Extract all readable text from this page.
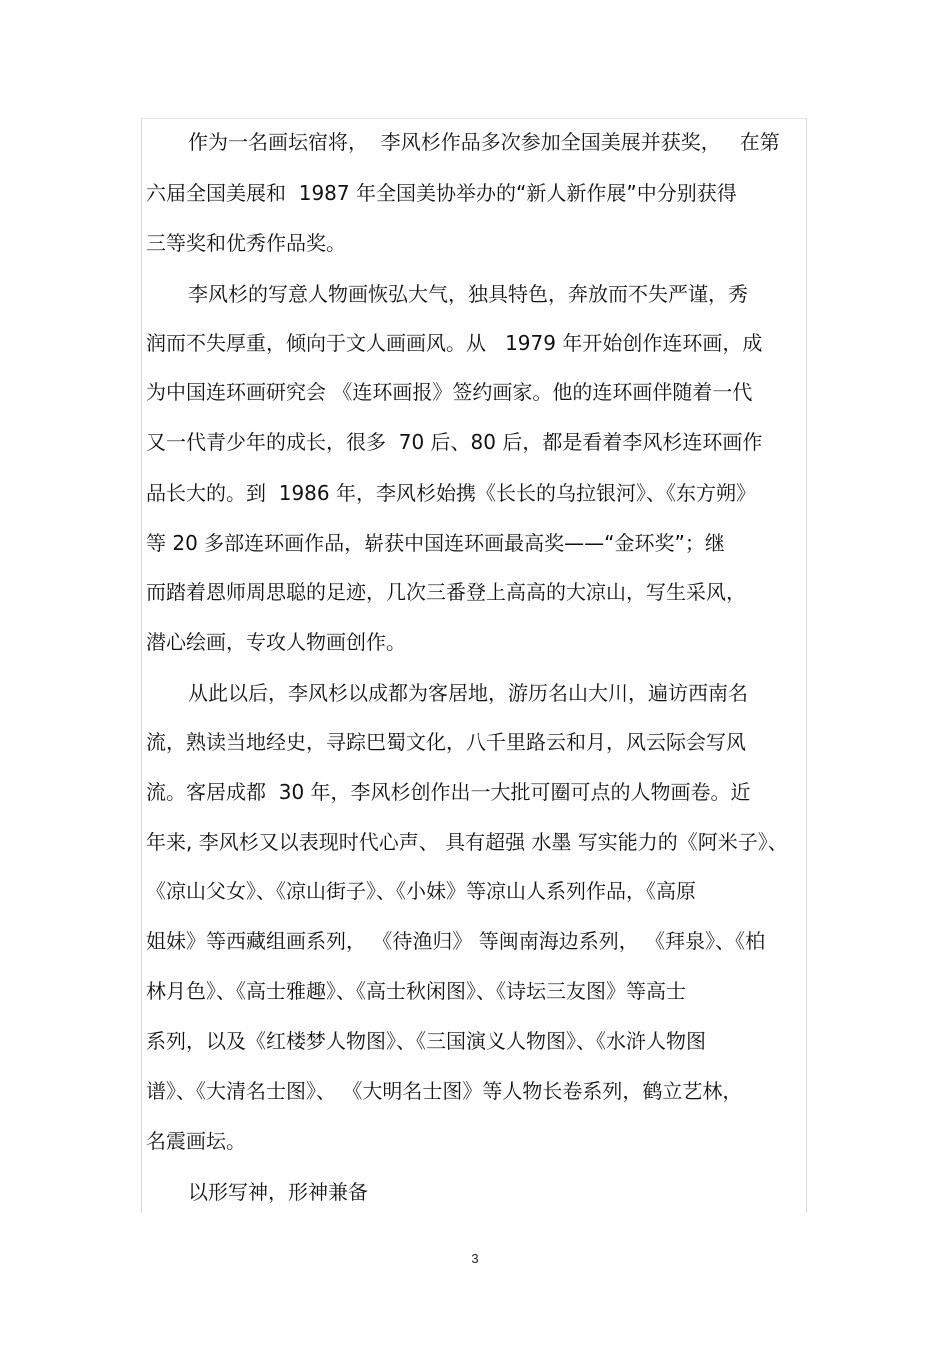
作为一名画坛宿将，  李风杉作品多次参加全国美展并获奖，   在第
六届全国美展和  1987 年全国美协举办的“新人新作展”中分别获得
三等奖和优秀作品奖。
李风杉的写意人物画恢弘大气，独具特色，奔放而不失严谨，秀
润而不失厚重，倾向于文人画画风。从   1979 年开始创作连环画，成
为中国连环画研究会 《连环画报》签约画家。他的连环画伴随着一代
又一代青少年的成长，很多  70 后、80 后，都是看着李风杉连环画作
品长大的。到  1986 年，李风杉始携《长长的乌拉银河》、《东方朔》
等 20 多部连环画作品，崭获中国连环画最高奖——“金环奖”；继
而踏着恩师周思聪的足迹，几次三番登上高高的大凉山，写生采风，
潜心绘画，专攻人物画创作。
从此以后，李风杉以成都为客居地，游历名山大川，遍访西南名
流，熟读当地经史，寻踪巴蜀文化，八千里路云和月，风云际会写风
流。客居成都  30 年，李风杉创作出一大批可圈可点的人物画卷。近
年来, 李风杉又以表现时代心声、 具有超强 水墨 写实能力的《阿米子》、
《凉山父女》、《凉山街子》、《小妹》等凉山人系列作品，《高原
姐妹》等西藏组画系列， 《待渔归》 等闽南海边系列， 《拜泉》、《柏
林月色》、《高士雅趣》、《高士秋闲图》、《诗坛三友图》等高士
系列，以及《红楼梦人物图》、《三国演义人物图》、《水浒人物图
谱》、《大清名士图》、 《大明名士图》等人物长卷系列，鹤立艺林，
名震画坛。
以形写神，形神兼备
3
